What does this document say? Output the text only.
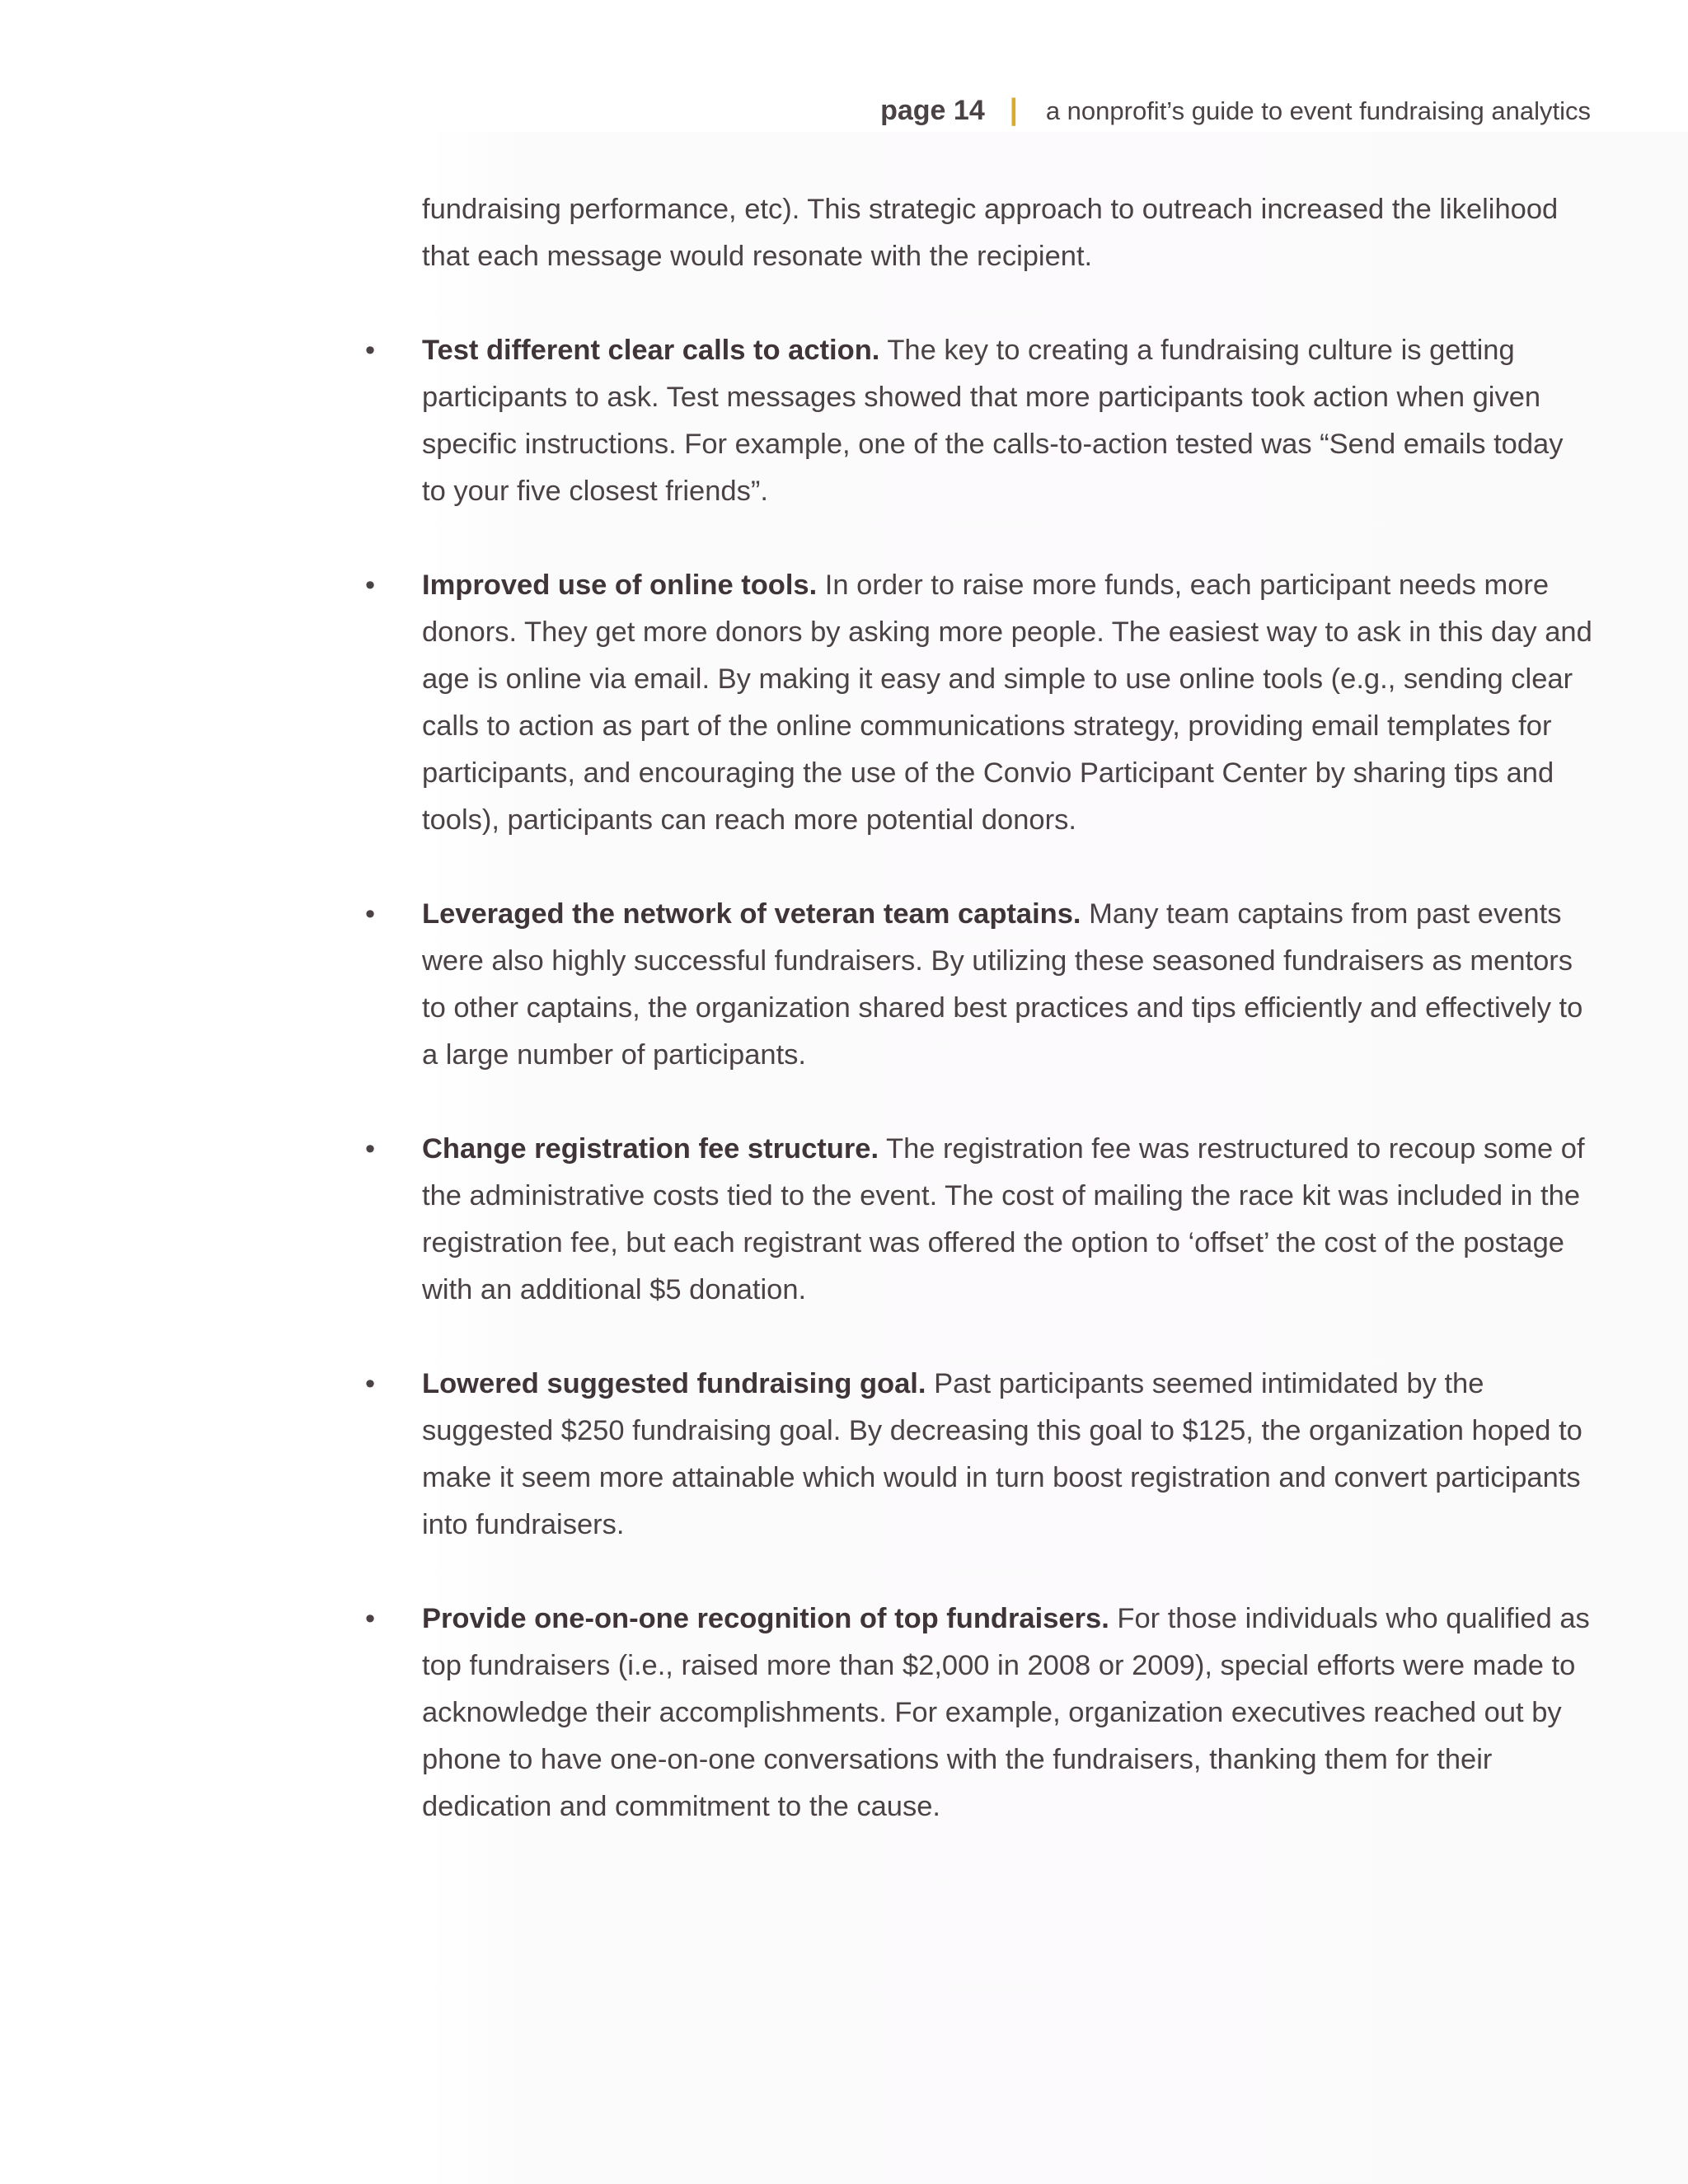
page 14 | a nonprofit’s guide to event fundraising analytics

fundraising performance, etc). This strategic approach to outreach increased the likelihood that each message would resonate with the recipient.

• Test different clear calls to action. The key to creating a fundraising culture is getting participants to ask. Test messages showed that more participants took action when given specific instructions. For example, one of the calls-to-action tested was “Send emails today to your five closest friends”.

• Improved use of online tools. In order to raise more funds, each participant needs more donors. They get more donors by asking more people. The easiest way to ask in this day and age is online via email. By making it easy and simple to use online tools (e.g., sending clear calls to action as part of the online communications strategy, providing email templates for participants, and encouraging the use of the Convio Participant Center by sharing tips and tools), participants can reach more potential donors.

• Leveraged the network of veteran team captains. Many team captains from past events were also highly successful fundraisers. By utilizing these seasoned fundraisers as mentors to other captains, the organization shared best practices and tips efficiently and effectively to a large number of participants.

• Change registration fee structure. The registration fee was restructured to recoup some of the administrative costs tied to the event. The cost of mailing the race kit was included in the registration fee, but each registrant was offered the option to ‘offset’ the cost of the postage with an additional $5 donation.

• Lowered suggested fundraising goal. Past participants seemed intimidated by the suggested $250 fundraising goal. By decreasing this goal to $125, the organization hoped to make it seem more attainable which would in turn boost registration and convert participants into fundraisers.

• Provide one-on-one recognition of top fundraisers. For those individuals who qualified as top fundraisers (i.e., raised more than $2,000 in 2008 or 2009), special efforts were made to acknowledge their accomplishments. For example, organization executives reached out by phone to have one-on-one conversations with the fundraisers, thanking them for their dedication and commitment to the cause.
